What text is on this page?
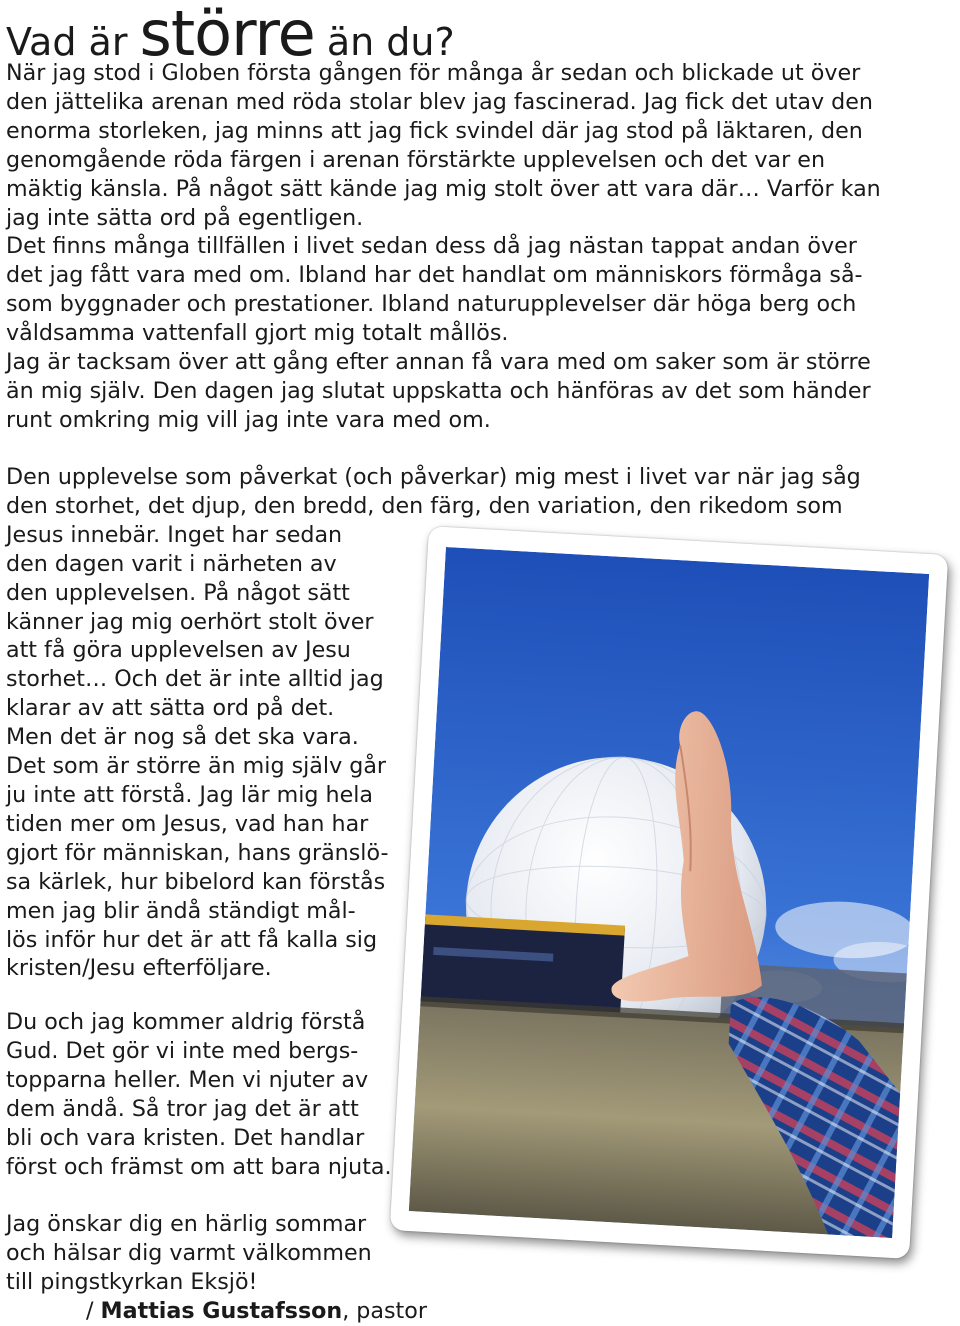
Vad är större än du?
När jag stod i Globen första gången för många år sedan och blickade ut över
den jättelika arenan med röda stolar blev jag fascinerad. Jag fick det utav den
enorma storleken, jag minns att jag fick svindel där jag stod på läktaren, den
genomgående röda färgen i arenan förstärkte upplevelsen och det var en
mäktig känsla. På något sätt kände jag mig stolt över att vara där… Varför kan
jag inte sätta ord på egentligen.
Det finns många tillfällen i livet sedan dess då jag nästan tappat andan över
det jag fått vara med om. Ibland har det handlat om människors förmåga så-
som byggnader och prestationer. Ibland naturupplevelser där höga berg och
våldsamma vattenfall gjort mig totalt mållös.
Jag är tacksam över att gång efter annan få vara med om saker som är större
än mig själv. Den dagen jag slutat uppskatta och hänföras av det som händer
runt omkring mig vill jag inte vara med om.
Den upplevelse som påverkat (och påverkar) mig mest i livet var när jag såg
den storhet, det djup, den bredd, den färg, den variation, den rikedom som
Jesus innebär. Inget har sedan
den dagen varit i närheten av
den upplevelsen. På något sätt
känner jag mig oerhört stolt över
att få göra upplevelsen av Jesu
storhet… Och det är inte alltid jag
klarar av att sätta ord på det.
Men det är nog så det ska vara.
Det som är större än mig själv går
ju inte att förstå. Jag lär mig hela
tiden mer om Jesus, vad han har
gjort för människan, hans gränslö-
sa kärlek, hur bibelord kan förstås
men jag blir ändå ständigt mål-
lös inför hur det är att få kalla sig
kristen/Jesu efterföljare.
Du och jag kommer aldrig förstå
Gud. Det gör vi inte med bergs-
topparna heller. Men vi njuter av
dem ändå. Så tror jag det är att
bli och vara kristen. Det handlar
först och främst om att bara njuta.
Jag önskar dig en härlig sommar
och hälsar dig varmt välkommen
till pingstkyrkan Eksjö!
/ Mattias Gustafsson, pastor
